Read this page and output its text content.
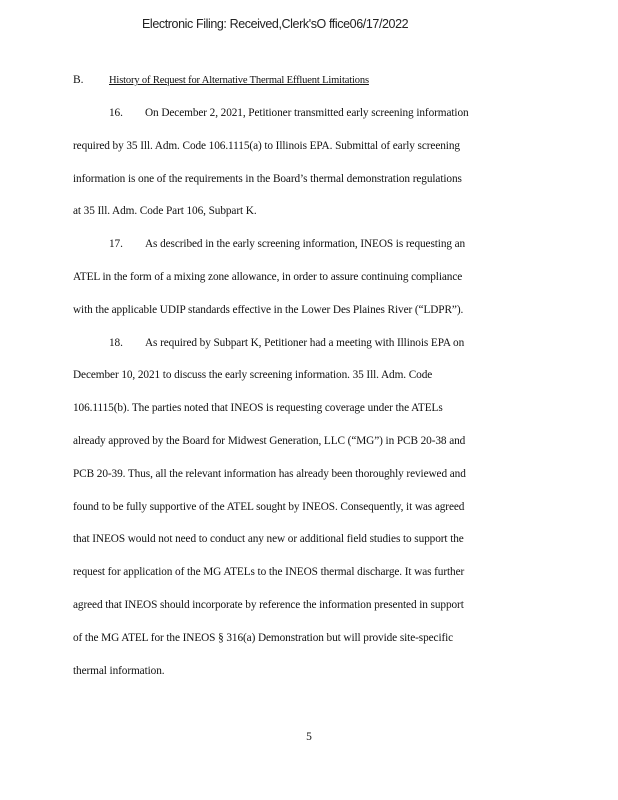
Electronic Filing: Received,Clerk'sO ffice06/17/2022
B. History of Request for Alternative Thermal Effluent Limitations
16. On December 2, 2021, Petitioner transmitted early screening information
required by 35 Ill. Adm. Code 106.1115(a) to Illinois EPA. Submittal of early screening
information is one of the requirements in the Board’s thermal demonstration regulations
at 35 Ill. Adm. Code Part 106, Subpart K.
17. As described in the early screening information, INEOS is requesting an
ATEL in the form of a mixing zone allowance, in order to assure continuing compliance
with the applicable UDIP standards effective in the Lower Des Plaines River (“LDPR”).
18. As required by Subpart K, Petitioner had a meeting with Illinois EPA on
December 10, 2021 to discuss the early screening information. 35 Ill. Adm. Code
106.1115(b). The parties noted that INEOS is requesting coverage under the ATELs
already approved by the Board for Midwest Generation, LLC (“MG”) in PCB 20-38 and
PCB 20-39. Thus, all the relevant information has already been thoroughly reviewed and
found to be fully supportive of the ATEL sought by INEOS. Consequently, it was agreed
that INEOS would not need to conduct any new or additional field studies to support the
request for application of the MG ATELs to the INEOS thermal discharge. It was further
agreed that INEOS should incorporate by reference the information presented in support
of the MG ATEL for the INEOS § 316(a) Demonstration but will provide site-specific
thermal information.
5
